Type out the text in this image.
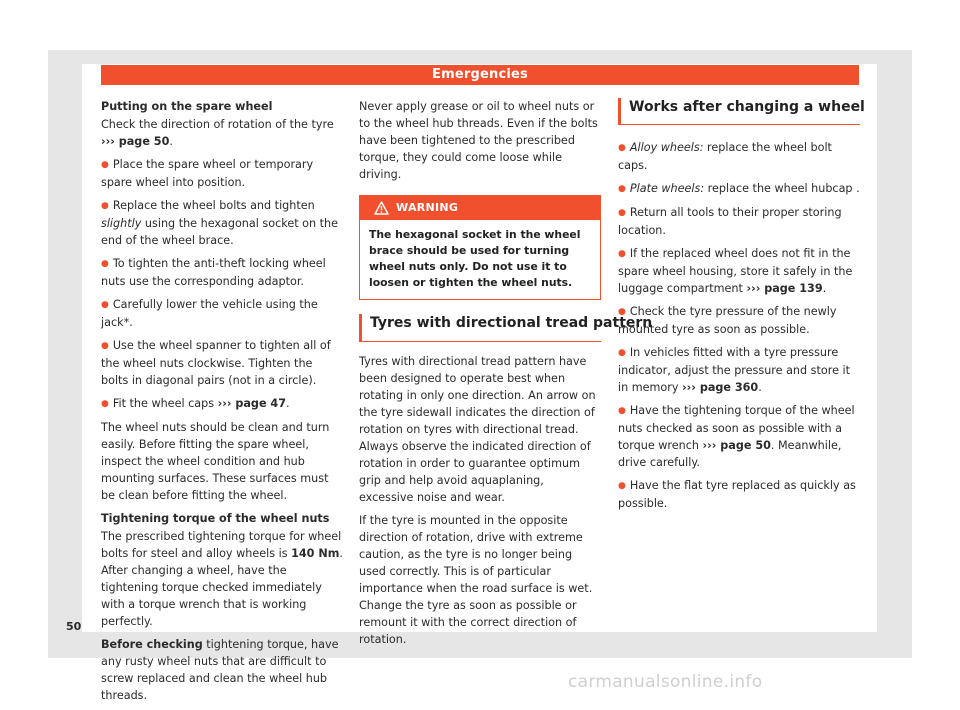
Emergencies

Putting on the spare wheel

Check the direction of rotation of the tyre
››› page 50.

● Place the spare wheel or temporary spare wheel into position.

● Replace the wheel bolts and tighten slightly using the hexagonal socket on the end of the wheel brace.

● To tighten the anti-theft locking wheel nuts use the corresponding adaptor.

● Carefully lower the vehicle using the jack*.

● Use the wheel spanner to tighten all of the wheel nuts clockwise. Tighten the bolts in diagonal pairs (not in a circle).

● Fit the wheel caps ››› page 47.

The wheel nuts should be clean and turn easily. Before fitting the spare wheel, inspect the wheel condition and hub mounting surfaces. These surfaces must be clean before fitting the wheel.

Tightening torque of the wheel nuts

The prescribed tightening torque for wheel bolts for steel and alloy wheels is 140 Nm. After changing a wheel, have the tightening torque checked immediately with a torque wrench that is working perfectly.

Before checking tightening torque, have any rusty wheel nuts that are difficult to screw replaced and clean the wheel hub threads.

Never apply grease or oil to wheel nuts or to the wheel hub threads. Even if the bolts have been tightened to the prescribed torque, they could come loose while driving.

WARNING
The hexagonal socket in the wheel brace should be used for turning wheel nuts only. Do not use it to loosen or tighten the wheel nuts.
Tyres with directional tread pattern

Tyres with directional tread pattern have been designed to operate best when rotating in only one direction. An arrow on the tyre sidewall indicates the direction of rotation on tyres with directional tread. Always observe the indicated direction of rotation in order to guarantee optimum grip and help avoid aquaplaning, excessive noise and wear.

If the tyre is mounted in the opposite direction of rotation, drive with extreme caution, as the tyre is no longer being used correctly. This is of particular importance when the road surface is wet. Change the tyre as soon as possible or remount it with the correct direction of rotation.

Works after changing a wheel

● Alloy wheels: replace the wheel bolt caps.

● Plate wheels: replace the wheel hubcap .

● Return all tools to their proper storing location.

● If the replaced wheel does not fit in the spare wheel housing, store it safely in the luggage compartment ››› page 139.

● Check the tyre pressure of the newly mounted tyre as soon as possible.

● In vehicles fitted with a tyre pressure indicator, adjust the pressure and store it in memory ››› page 360.

● Have the tightening torque of the wheel nuts checked as soon as possible with a torque wrench ››› page 50. Meanwhile, drive carefully.

● Have the flat tyre replaced as quickly as possible.

50
carmanualsonline.info
